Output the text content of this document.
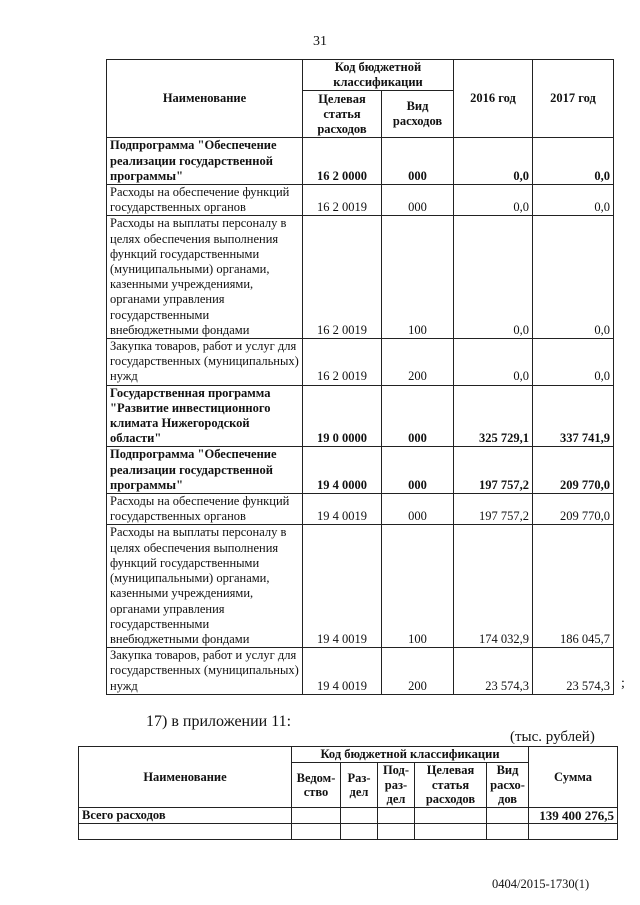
31
Наименование	Код бюджетной классификации		2016 год	2017 год
	Целевая статья расходов	Вид расходов		
Подпрограмма "Обеспечение реализации государственной программы"	16 2 0000	000	0,0	0,0
Расходы на обеспечение функций государственных органов	16 2 0019	000	0,0	0,0
Расходы на выплаты персоналу в целях обеспечения выполнения функций государственными (муниципальными) органами, казенными учреждениями, органами управления государственными внебюджетными фондами	16 2 0019	100	0,0	0,0
Закупка товаров, работ и услуг для государственных (муниципальных) нужд	16 2 0019	200	0,0	0,0
Государственная программа "Развитие инвестиционного климата Нижегородской области"	19 0 0000	000	325 729,1	337 741,9
Подпрограмма "Обеспечение реализации государственной программы"	19 4 0000	000	197 757,2	209 770,0
Расходы на обеспечение функций государственных органов	19 4 0019	000	197 757,2	209 770,0
Расходы на выплаты персоналу в целях обеспечения выполнения функций государственными (муниципальными) органами, казенными учреждениями, органами управления государственными внебюджетными фондами	19 4 0019	100	174 032,9	186 045,7
Закупка товаров, работ и услуг для государственных (муниципальных) нужд	19 4 0019	200	23 574,3	23 574,3 ;
17) в приложении 11:
(тыс. рублей)
Наименование	Код бюджетной классификации					Сумма
	Ведом-ство	Раз-дел	Под-раз-дел	Целевая статья расходов	Вид расхо-дов	
Всего расходов						139 400 276,5

0404/2015-1730(1)
